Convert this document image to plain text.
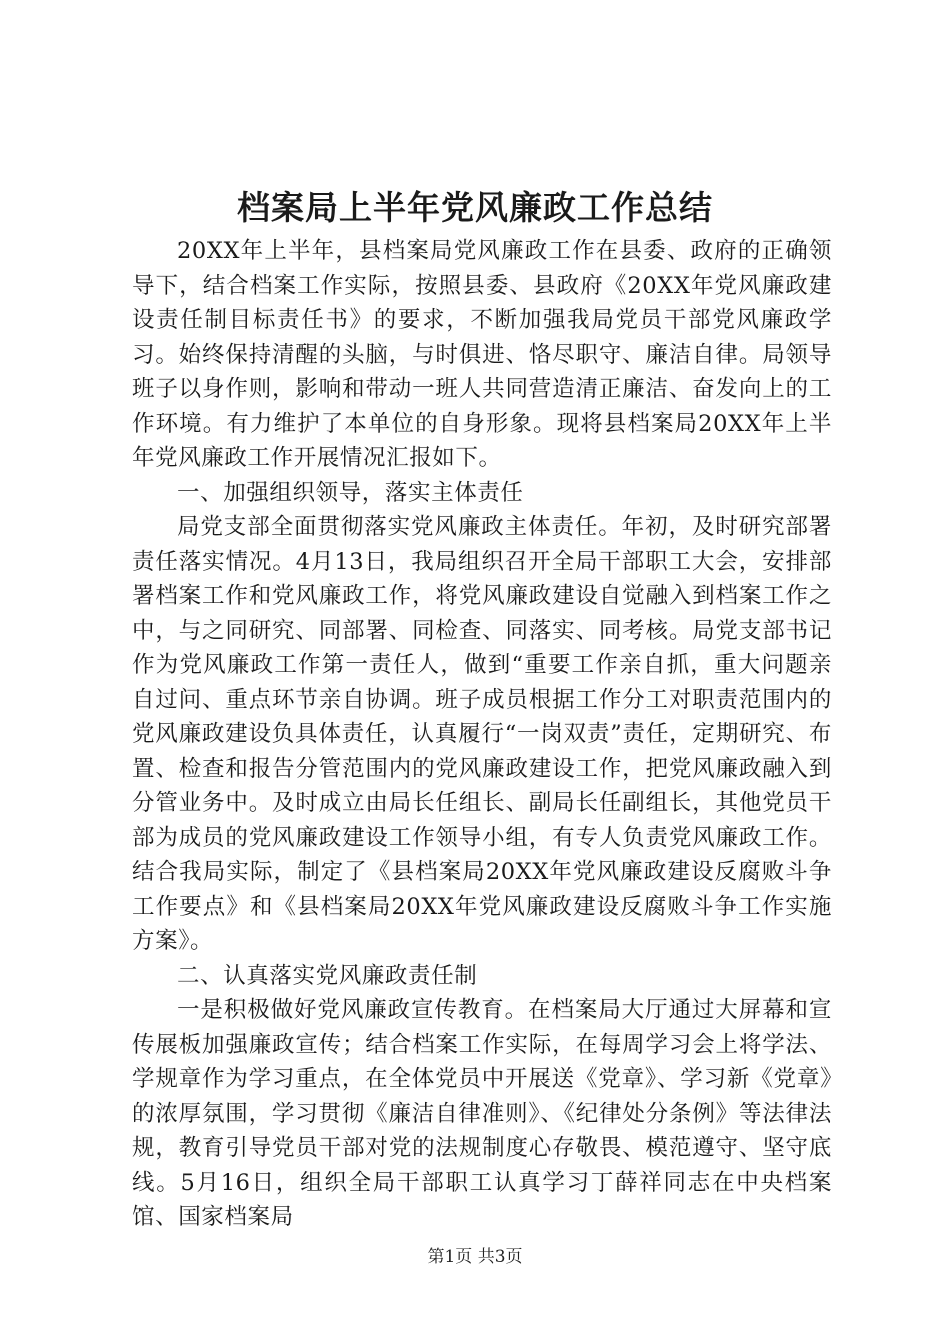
档案局上半年党风廉政工作总结

20XX年上半年，县档案局党风廉政工作在县委、政府的正确领导下，结合档案工作实际，按照县委、县政府《20XX年党风廉政建设责任制目标责任书》的要求，不断加强我局党员干部党风廉政学习。始终保持清醒的头脑，与时俱进、恪尽职守、廉洁自律。局领导班子以身作则，影响和带动一班人共同营造清正廉洁、奋发向上的工作环境。有力维护了本单位的自身形象。现将县档案局20XX年上半年党风廉政工作开展情况汇报如下。

一、加强组织领导，落实主体责任

局党支部全面贯彻落实党风廉政主体责任。年初，及时研究部署责任落实情况。4月13日，我局组织召开全局干部职工大会，安排部署档案工作和党风廉政工作，将党风廉政建设自觉融入到档案工作之中，与之同研究、同部署、同检查、同落实、同考核。局党支部书记作为党风廉政工作第一责任人，做到“重要工作亲自抓，重大问题亲自过问、重点环节亲自协调。班子成员根据工作分工对职责范围内的党风廉政建设负具体责任，认真履行“一岗双责”责任，定期研究、布置、检查和报告分管范围内的党风廉政建设工作，把党风廉政融入到分管业务中。及时成立由局长任组长、副局长任副组长，其他党员干部为成员的党风廉政建设工作领导小组，有专人负责党风廉政工作。结合我局实际，制定了《县档案局20XX年党风廉政建设反腐败斗争工作要点》和《县档案局20XX年党风廉政建设反腐败斗争工作实施方案》。

二、认真落实党风廉政责任制

一是积极做好党风廉政宣传教育。在档案局大厅通过大屏幕和宣传展板加强廉政宣传；结合档案工作实际，在每周学习会上将学法、学规章作为学习重点，在全体党员中开展送《党章》、学习新《党章》的浓厚氛围，学习贯彻《廉洁自律准则》、《纪律处分条例》等法律法规，教育引导党员干部对党的法规制度心存敬畏、模范遵守、坚守底线。5月16日，组织全局干部职工认真学习丁薛祥同志在中央档案馆、国家档案局

第1页 共3页
